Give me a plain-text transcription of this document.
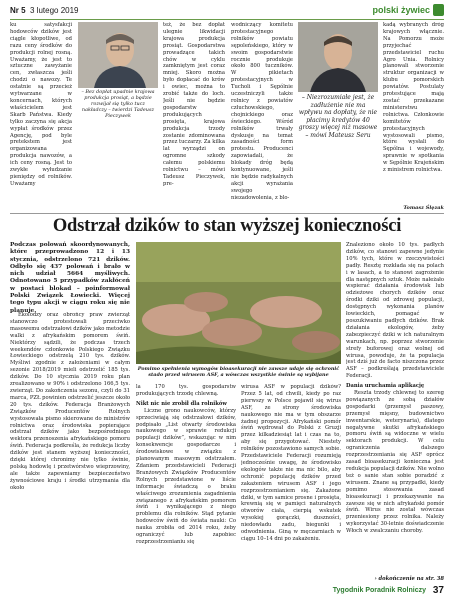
Nr 5 3 lutego 2019	polski żywiec

ku satysfakcji hodowców dzików jest ciągle kłopotliwe, od razu ceny środków do produkcji rolnej rosną. Uważamy, że jest to sztuczne zawyżanie cen, zwłaszcza jeśli chodzi o nawozy. Te ostatnie są przecież wytwarzane w koncernach, których właścicielem jest Skarb Państwa. Kiedy tylko zaczyna się akcja wypłat środków przez Agencję, pod byle pretekstem jest organizowana produkcja nawozów, a ich ceny rosną. Jest to zwykłe wyłudzanie pieniędzy od rolników. Uważamy

– Bez dopłat upadnie krajowa produkcja prosiąt, a będzie rozwijał się tylko tucz nakładczy – twierdzi Tadeusz Pieczywek

też, że bez dopłat ulegnie likwidacji krajowa produkcja prosiąt. Gospodarstwa prowadzące takich chów w cyklu zamkniętym jest coraz mniej. Skoro można było dopłacać do krów i owiec, można to zrobić także do loch. Jeśli nie będzie gospodarstw produkujących prosięta, krajowa produkcja trzody zostanie zdominowana przez tuczarzy. Za kilka lat wyrządzi on ogromne szkody całemu polskiemu rolnictwu – mówi Tadeusz Pieczywek, pre-

wodniczący komitetu protestacyjnego rolników powiatu sępoleńskiego, który w swoim gospodarstwie rocznie produkuje około 800 tuczników. W pikietach protestacyjnych w Tucholi i Sępólnie uczestniczyli także rolnicy z powiatów człuchowskiego, chojnickiego oraz świeckiego. Wśród rolników trwały dyskusje na temat zasadności form protestu. Producenci zapowiadali, że blokady dróg będą kontynuowane, jeśli nie będzie radykalnych akcji wyrażania swojego niezadowolenia, z blo-

– Niezrozumiałe jest, że zadłużenie nie ma wpływu na dopłaty, że nie płacimy kredytów 40 groszy więcej niż masowe – mówi Mateusz Seru

kadą wybranych dróg krajowych włącznie. Na Pomorzu może przyjechać przedstawiciel ruchu Agro Unia. Rolnicy planowali stworzenie struktur organizacji w klubu pomorskich powiatów. Postulaty protestujące mają zostać przekazane ministerstwu rolnictwa. Członkowie komitetów protestacyjnych wystosowali pismo, które wysłali do Sępólna i wojewody, sprawnie w spotkania w Sępólnie Krajeńskim z ministrem rolnictwa.

Tomasz Ślęzak
Odstrzał dzików to stan wyższej konieczności
Podczas polowań skoordynowanych, które przeprowadzono 12 i 13 stycznia, odstrzelono 721 dzików. Odbyło się 437 polowań i brało w nich udział 5664 myśliwych. Odnotowano 5 przypadków zakłóceń w postaci blokad – poinformował Polski Związek Łowiecki. Więcej tego typu akcji w ciągu roku się nie planuje.

Ekolodzy oraz obrońcy praw zwierząt stanowczo protestowali przeciwko masowemu odstrzałowi dzików jako metodzie walki z afrykańskim pomorem świń. Niektórzy sądzili, że podczas trzech weekendów członkowie Polskiego Związku Łowieckiego odstrzelą 210 tys. dzików. Myśliwi zgodnie z założeniami w całym sezonie 2018/2019 mieli odstrzelić 185 tys. dzików. Do 10 stycznia 2019 roku plan zrealizowano w 90% i odstrzelono 166,5 tys. zwierząt. Do zakończenia sezonu, czyli do 31 marca, PZŁ powinien odstrzelić jeszcze około 20 tys. dzików. Federacja Branżowych Związków Producentów Rolnych wystosowała pismo skierowane do ministrów rolnictwa oraz środowiska popierające odstrzał dzików jako bezpośredniego wektora przenoszenia afrykańskiego pomoru świń. Federacja podkreśla, że redukcja liczby dzików jest stanem wyższej konieczności, dzięki której chronimy nie tylko świnie, polską hodowlę i przetwórstwo wieprzowiny, ale także zapewniamy bezpieczeństwo żywnościowe kraju i środki utrzymania dla około

Pomimo spełnienia wymogów bioasekuracji nie zawsze udaje się ochronić stado przed wirusem ASF, a wówczas wszystkie świnie są wybijane

la 170 tys. gospodarstw produkujących trzodę chlewną.

Nikt nic nie zrobił dla rolników

Liczne grono naukowców, którzy sprzeciwiają się odstrzałowi dzików, podpisało „List otwarty środowiska naukowego w sprawie redukcji populacji dzików”, wskazując w nim konsekwencje gospodarcze i środowiskowe w związku z planowanym masowym odstrzałem. Zdaniem przedstawicieli Federacji Branżowych Związków Producentów Rolnych przedstawione w liście informacje świadczą o braku właściwego zrozumienia zagadnienia związanego z afrykańskim pomorem świń i wynikającego z niego problemu dla rolników. Stąd pytanie hodowców świń do świata nauki: Co nauka zrobiła od 2014 roku, żeby ograniczyć lub zapobiec rozprzestrzenianiu się

wirusa ASF w populacji dzików? Przez 5 lat, od chwili, kiedy po raz pierwszy w Polsce pojawił się wirus ASF, ze strony środowiska naukowego nie ma w tym obszarze żadnej propozycji. Afrykański pomór świń wędrował do Polski z Gruzji przez kilkadziesiąt lat i czas na to, aby się przygotować. Niestety rolników pozostawiono samych sobie. Przedstawiciele Federacji rozumieją jednocześnie uwagę, że środowisko ekologów także nie ma nic bilo, aby ochronić populację dzików przed zakażeniem wirusem ASF i jego rozprzestrzenianiem się. Zakażone dziki, w tym samice prosne i prosięta, krewnią się w pamięci naturalnych otworów ciała, cierpią wskutek wysokiej gorączki, duszności, niedowładu zadu, biegunki i odwodnienia. Giną w męczarniach w ciągu 10–14 dni po zakażeniu.

Znaleziono około 10 tys. padłych dzików, co stanowi zapewne jedynie 10% tych, które w rzeczywistości padły. Resztę rozkłada się na polach i w lasach, a to stanowi zagrożenie dla następnych sztuk. Może nałeżało wspierać działania środowisk lub odzieżowe chorych dzików oraz środki dziki od zdrowej populacji, dostępnych wykonania planów łowieckich, pomagać w poszukiwaniu padłych dzików. Brak działania ekologów, żeby zabezpieczyć dziki w ich naturalnym warunkach, np. poprzez stworzenie strefy buforowej oraz wolnej od wirusa, powoduje, że ta populacja jest dziś już de facto niszczona przez ASF – podkreślają przedstawiciele Federacji.

Dania uruchamia aplikację

Reszta trzody chlewnej to szereg powiązanych ze sobą działów gospodarki (przemysł paszowy, przemysł mięsny, budownictwo inwentarskie, weterynaria), dlatego negatywne skutki afrykańskiego pomoru świń są widoczne w wielu sektorach produkcji. W celu ograniczenia dalszego rozprzestrzeniania się ASF oprócz zasad bioasekuracji konieczna jest redukcja populacji dzików. Nie wolno też o sanie stan sobie poradzić z wirusem. Znane są przypadki, kiedy pomimo stosowania zasad bioasekuracji i przekazywanie na zawsze się w nich afrykański pomór świń. Wirus nie został wówczas przeniesiony przez rolnika. Należy wykorzystać 30-letnie doświadczenie Włoch w zwalczaniu choroby.

› dokończenie na str. 38
Tygodnik Poradnik Rolniczy 37
